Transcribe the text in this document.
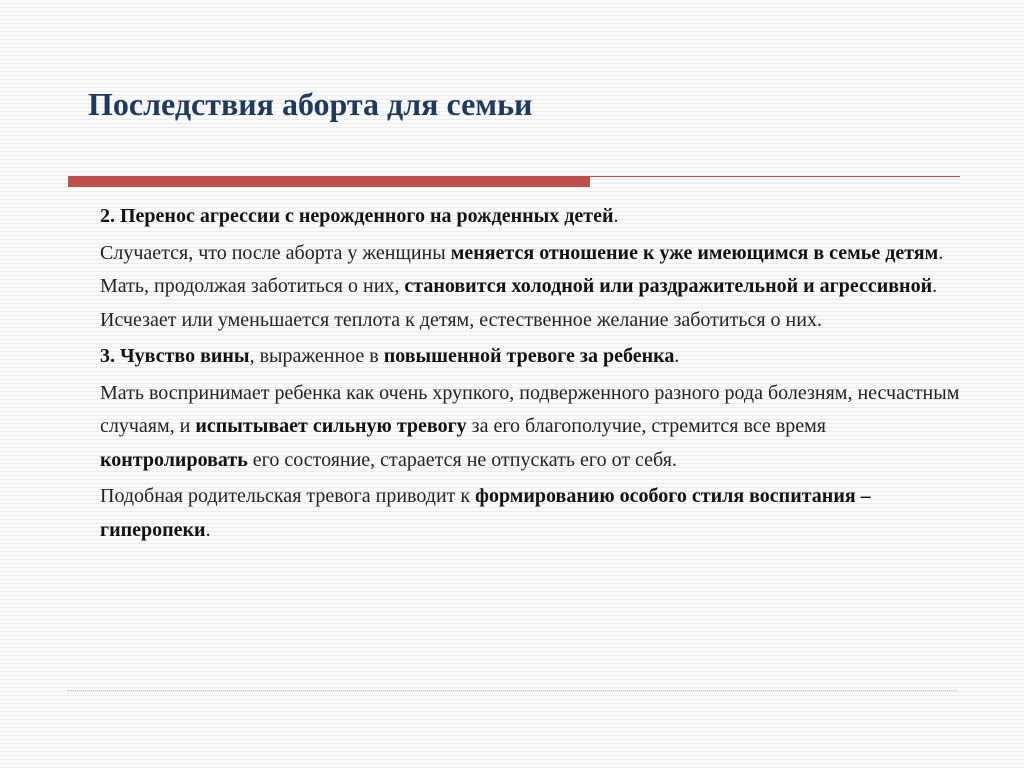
Последствия аборта для семьи

2. Перенос агрессии с нерожденного на рожденных детей.

Случается, что после аборта у женщины меняется отношение к уже имеющимся в семье детям. Мать, продолжая заботиться о них, становится холодной или раздражительной и агрессивной. Исчезает или уменьшается теплота к детям, естественное желание заботиться о них.

3. Чувство вины, выраженное в повышенной тревоге за ребенка.

Мать воспринимает ребенка как очень хрупкого, подверженного разного рода болезням, несчастным случаям, и испытывает сильную тревогу за его благополучие, стремится все время контролировать его состояние, старается не отпускать его от себя.

Подобная родительская тревога приводит к формированию особого стиля воспитания – гиперопеки.
